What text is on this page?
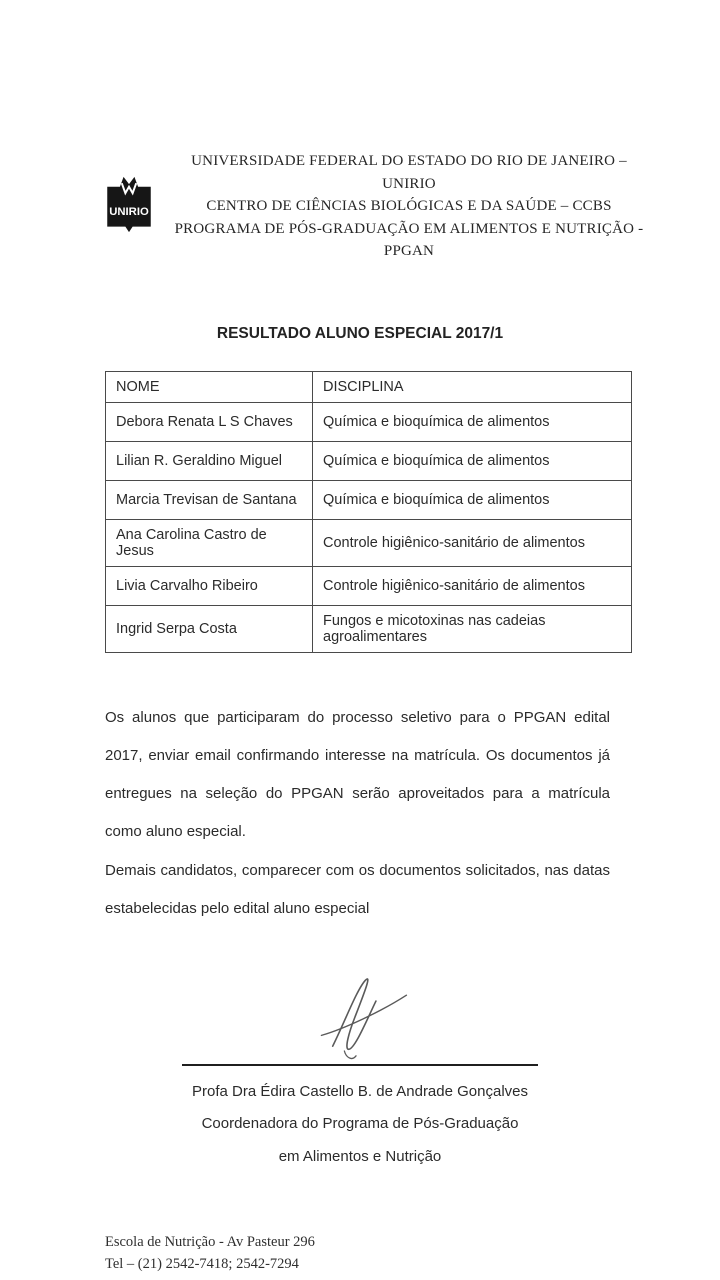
UNIRIO
UNIVERSIDADE FEDERAL DO ESTADO DO RIO DE JANEIRO – UNIRIO
CENTRO DE CIÊNCIAS BIOLÓGICAS E DA SAÚDE – CCBS
PROGRAMA DE PÓS-GRADUAÇÃO EM ALIMENTOS E NUTRIÇÃO - PPGAN
RESULTADO ALUNO ESPECIAL 2017/1
NOME	DISCIPLINA
Debora Renata L S Chaves	Química e bioquímica de alimentos
Lilian R. Geraldino Miguel	Química e bioquímica de alimentos
Marcia Trevisan de Santana	Química e bioquímica de alimentos
Ana Carolina Castro de Jesus	Controle higiênico-sanitário de alimentos
Livia Carvalho Ribeiro	Controle higiênico-sanitário de alimentos
Ingrid Serpa Costa	Fungos e micotoxinas nas cadeias agroalimentares

Os alunos que participaram do processo seletivo para o PPGAN edital 2017, enviar email confirmando interesse na matrícula. Os documentos já entregues na seleção do PPGAN serão aproveitados para a matrícula como aluno especial.

Demais candidatos, comparecer com os documentos solicitados, nas datas estabelecidas pelo edital aluno especial

Profa Dra Édira Castello B. de Andrade Gonçalves
Coordenadora do Programa de Pós-Graduação
em Alimentos e Nutrição
Escola de Nutrição - Av Pasteur 296
Tel – (21) 2542-7418; 2542-7294
